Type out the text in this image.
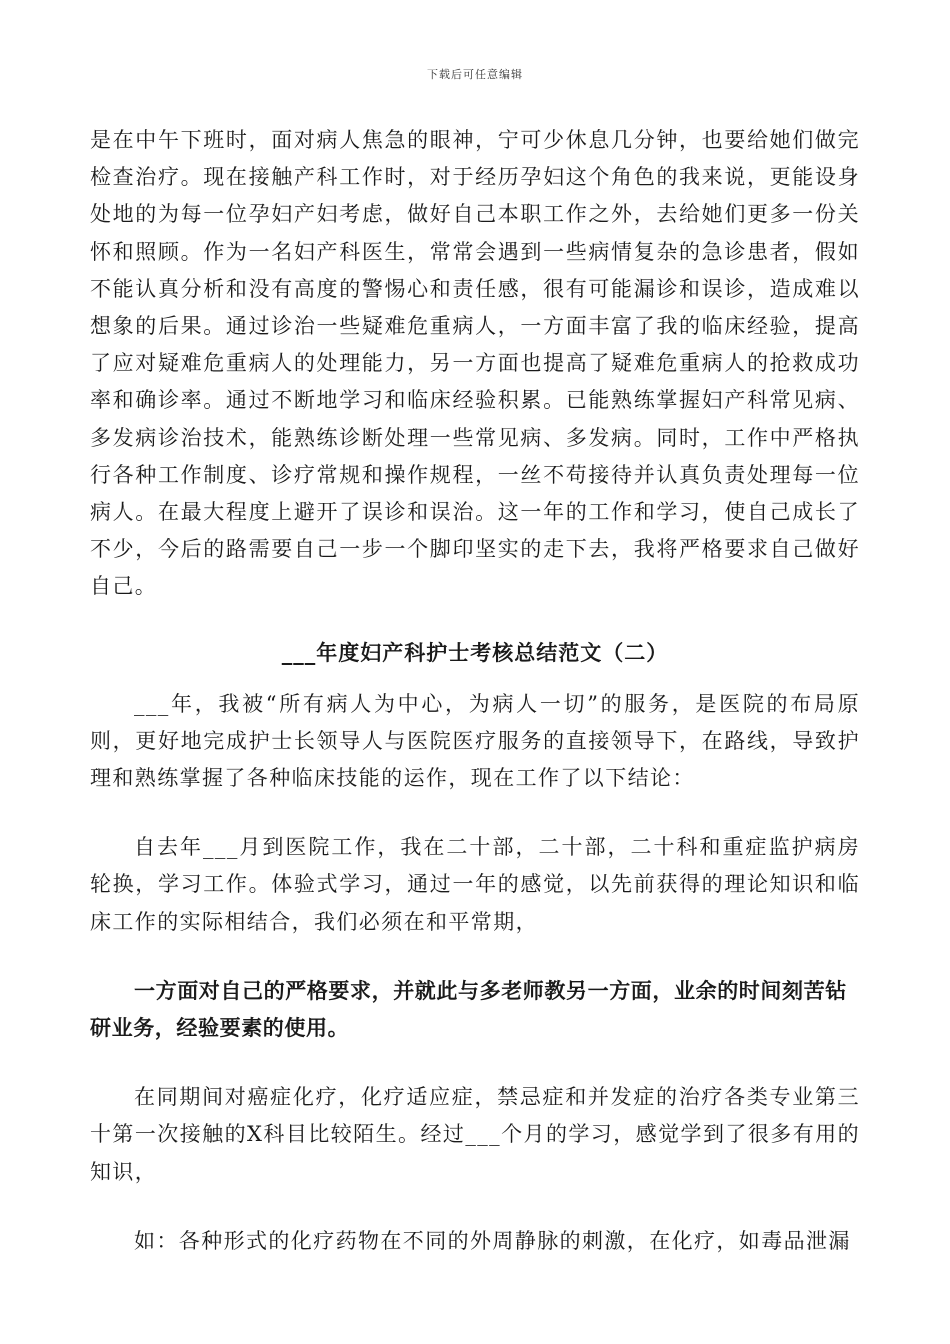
下载后可任意编辑

是在中午下班时，面对病人焦急的眼神，宁可少休息几分钟，也要给她们做完检查治疗。现在接触产科工作时，对于经历孕妇这个角色的我来说，更能设身处地的为每一位孕妇产妇考虑，做好自己本职工作之外，去给她们更多一份关怀和照顾。作为一名妇产科医生，常常会遇到一些病情复杂的急诊患者，假如不能认真分析和没有高度的警惕心和责任感，很有可能漏诊和误诊，造成难以想象的后果。通过诊治一些疑难危重病人，一方面丰富了我的临床经验，提高了应对疑难危重病人的处理能力，另一方面也提高了疑难危重病人的抢救成功率和确诊率。通过不断地学习和临床经验积累。已能熟练掌握妇产科常见病、多发病诊治技术，能熟练诊断处理一些常见病、多发病。同时，工作中严格执行各种工作制度、诊疗常规和操作规程，一丝不苟接待并认真负责处理每一位病人。在最大程度上避开了误诊和误治。这一年的工作和学习，使自己成长了不少，今后的路需要自己一步一个脚印坚实的走下去，我将严格要求自己做好自己。

___年度妇产科护士考核总结范文（二）

___年，我被“所有病人为中心，为病人一切”的服务，是医院的布局原则，更好地完成护士长领导人与医院医疗服务的直接领导下，在路线，导致护理和熟练掌握了各种临床技能的运作，现在工作了以下结论：

自去年___月到医院工作，我在二十部，二十部，二十科和重症监护病房轮换，学习工作。体验式学习，通过一年的感觉，以先前获得的理论知识和临床工作的实际相结合，我们必须在和平常期，

一方面对自己的严格要求，并就此与多老师教另一方面，业余的时间刻苦钻研业务，经验要素的使用。

在同期间对癌症化疗，化疗适应症，禁忌症和并发症的治疗各类专业第三十第一次接触的X科目比较陌生。经过___个月的学习，感觉学到了很多有用的知识，

如：各种形式的化疗药物在不同的外周静脉的刺激，在化疗，如毒品泄漏
